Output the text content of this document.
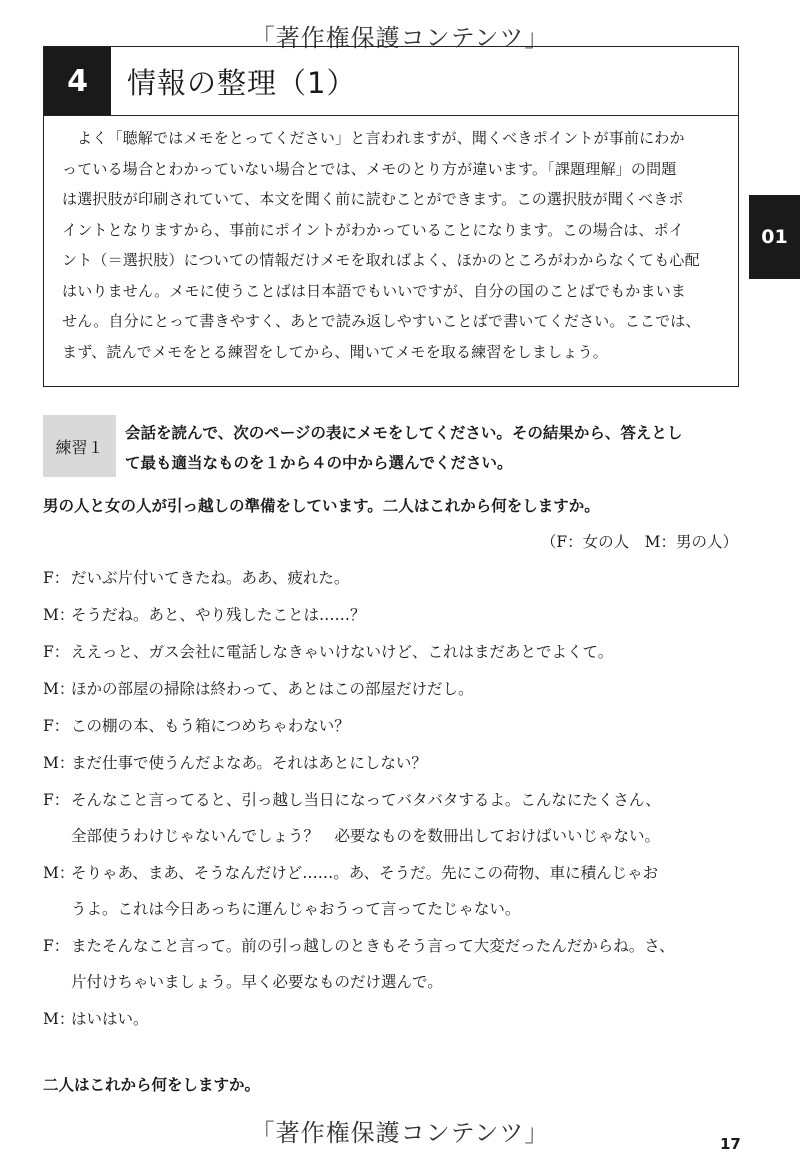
「著作権保護コンテンツ」
4	情報の整理（1）
よく「聴解ではメモをとってください」と言われますが、聞くべきポイントが事前にわか
っている場合とわかっていない場合とでは、メモのとり方が違います。「課題理解」の問題
は選択肢が印刷されていて、本文を聞く前に読むことができます。この選択肢が聞くべきポ
イントとなりますから、事前にポイントがわかっていることになります。この場合は、ポイ
ント（＝選択肢）についての情報だけメモを取ればよく、ほかのところがわからなくても心配
はいりません。メモに使うことばは日本語でもいいですが、自分の国のことばでもかまいま
せん。自分にとって書きやすく、あとで読み返しやすいことばで書いてください。ここでは、
まず、読んでメモをとる練習をしてから、聞いてメモを取る練習をしましょう。
01
練習１
会話を読んで、次のページの表にメモをしてください。その結果から、答えとし
て最も適当なものを１から４の中から選んでください。
男の人と女の人が引っ越しの準備をしています。二人はこれから何をしますか。
（F：女の人　M：男の人）
F： だいぶ片付いてきたね。ああ、疲れた。
M：
そうだね。あと、やり残したことは……？
F： ええっと、ガス会社に電話しなきゃいけないけど、これはまだあとでよくて。
M：
ほかの部屋の掃除は終わって、あとはこの部屋だけだし。
F： この棚の本、もう箱につめちゃわない？
M：
まだ仕事で使うんだよなあ。それはあとにしない？
F： そんなこと言ってると、引っ越し当日になってバタバタするよ。こんなにたくさん、
全部使うわけじゃないんでしょう？　必要なものを数冊出しておけばいいじゃない。
M：
そりゃあ、まあ、そうなんだけど……。あ、そうだ。先にこの荷物、車に積んじゃお
うよ。これは今日あっちに運んじゃおうって言ってたじゃない。
F： またそんなこと言って。前の引っ越しのときもそう言って大変だったんだからね。さ、
片付けちゃいましょう。早く必要なものだけ選んで。
M：
はいはい。
二人はこれから何をしますか。
「著作権保護コンテンツ」	17
